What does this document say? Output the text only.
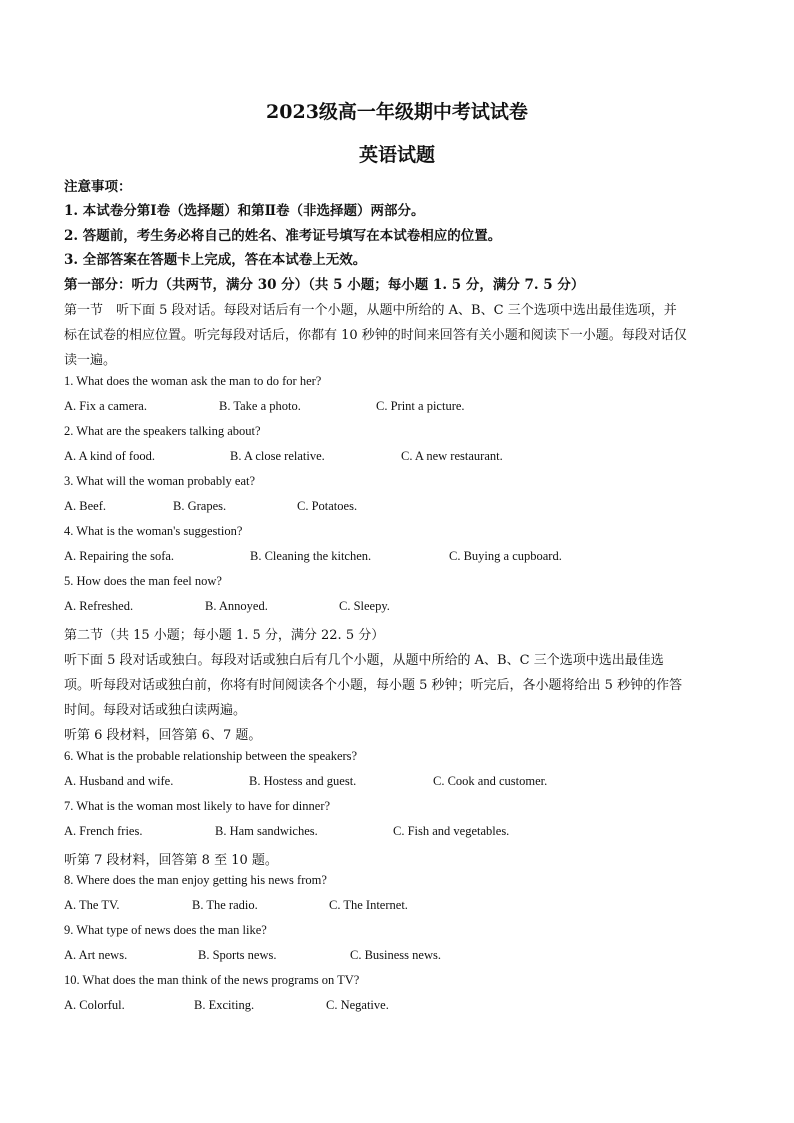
2023级高一年级期中考试试卷
英语试题
注意事项：
1. 本试卷分第Ⅰ卷（选择题）和第Ⅱ卷（非选择题）两部分。
2. 答题前，考生务必将自己的姓名、准考证号填写在本试卷相应的位置。
3. 全部答案在答题卡上完成，答在本试卷上无效。
第一部分：听力（共两节，满分 30 分）（共 5 小题；每小题 1. 5 分，满分 7. 5 分）
第一节　听下面 5 段对话。每段对话后有一个小题，从题中所给的 A、B、C 三个选项中选出最佳选项，并
标在试卷的相应位置。听完每段对话后，你都有 10 秒钟的时间来回答有关小题和阅读下一小题。每段对话仅
读一遍。
1. What does the woman ask the man to do for her?
A. Fix a camera.	B. Take a photo.	C. Print a picture.
2. What are the speakers talking about?
A. A kind of food.	B. A close relative.	C. A new restaurant.
3. What will the woman probably eat?
A. Beef.	B. Grapes.	C. Potatoes.
4. What is the woman's suggestion?
A. Repairing the sofa.	B. Cleaning the kitchen.	C. Buying a cupboard.
5. How does the man feel now?
A. Refreshed.	B. Annoyed.	C. Sleepy.
第二节（共 15 小题；每小题 1. 5 分，满分 22. 5 分）
听下面 5 段对话或独白。每段对话或独白后有几个小题，从题中所给的 A、B、C 三个选项中选出最佳选
项。听每段对话或独白前，你将有时间阅读各个小题，每小题 5 秒钟；听完后，各小题将给出 5 秒钟的作答
时间。每段对话或独白读两遍。
听第 6 段材料，回答第 6、7 题。
6. What is the probable relationship between the speakers?
A. Husband and wife.	B. Hostess and guest.	C. Cook and customer.
7. What is the woman most likely to have for dinner?
A. French fries.	B. Ham sandwiches.	C. Fish and vegetables.
听第 7 段材料，回答第 8 至 10 题。
8. Where does the man enjoy getting his news from?
A. The TV.	B. The radio.	C. The Internet.
9. What type of news does the man like?
A. Art news.	B. Sports news.	C. Business news.
10. What does the man think of the news programs on TV?
A. Colorful.	B. Exciting.	C. Negative.
